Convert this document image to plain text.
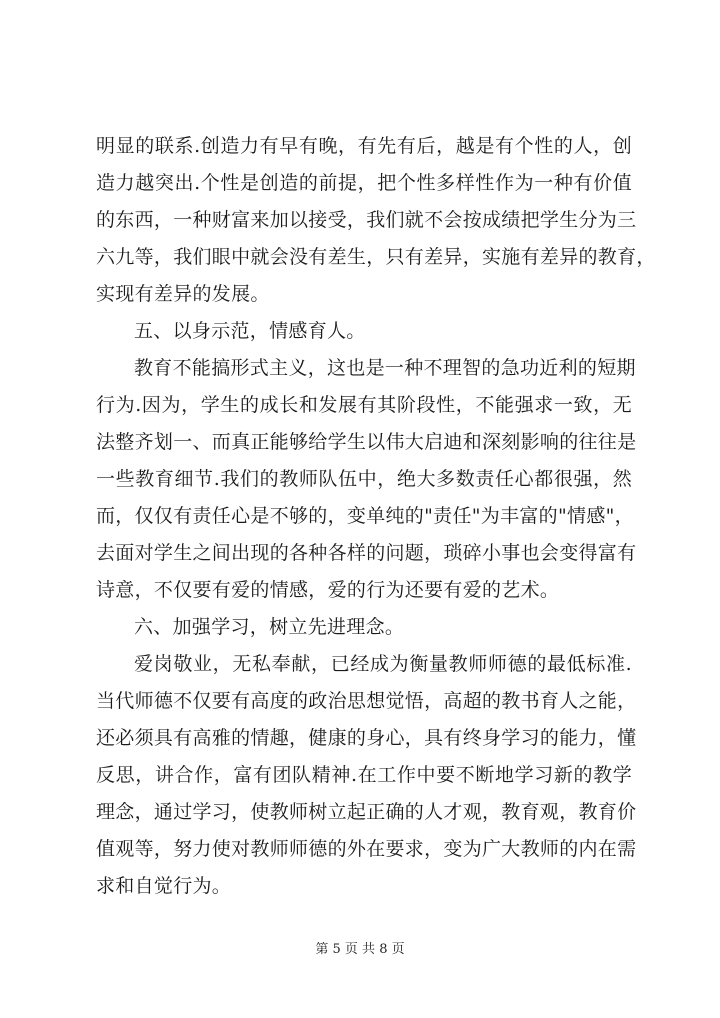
明显的联系.创造力有早有晚，有先有后，越是有个性的人，创
造力越突出.个性是创造的前提，把个性多样性作为一种有价值
的东西，一种财富来加以接受，我们就不会按成绩把学生分为三
六九等，我们眼中就会没有差生，只有差异，实施有差异的教育，
实现有差异的发展。
五、以身示范，情感育人。
教育不能搞形式主义，这也是一种不理智的急功近利的短期
行为.因为，学生的成长和发展有其阶段性，不能强求一致，无
法整齐划一、而真正能够给学生以伟大启迪和深刻影响的往往是
一些教育细节.我们的教师队伍中，绝大多数责任心都很强，然
而，仅仅有责任心是不够的，变单纯的"责任"为丰富的"情感"，
去面对学生之间出现的各种各样的问题，琐碎小事也会变得富有
诗意，不仅要有爱的情感，爱的行为还要有爱的艺术。
六、加强学习，树立先进理念。
爱岗敬业，无私奉献，已经成为衡量教师师德的最低标准.
当代师德不仅要有高度的政治思想觉悟，高超的教书育人之能，
还必须具有高雅的情趣，健康的身心，具有终身学习的能力，懂
反思，讲合作，富有团队精神.在工作中要不断地学习新的教学
理念，通过学习，使教师树立起正确的人才观，教育观，教育价
值观等，努力使对教师师德的外在要求，变为广大教师的内在需
求和自觉行为。
第 5 页 共 8 页
